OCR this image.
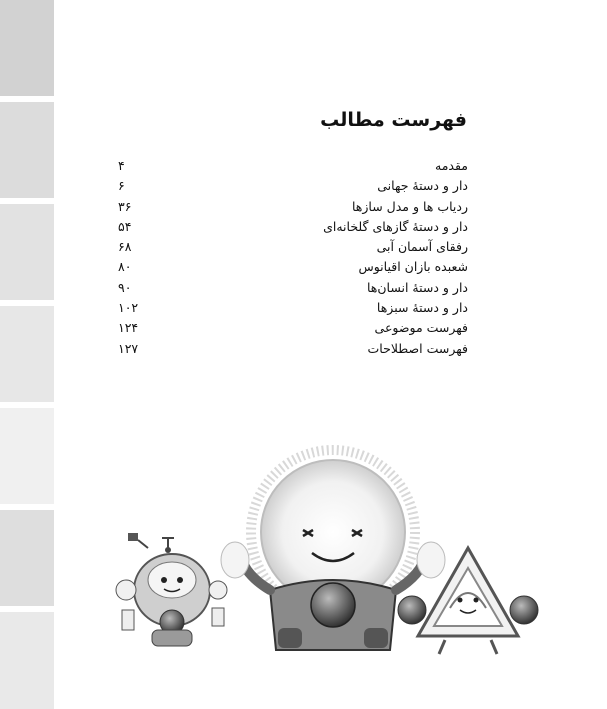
فهرست مطالب
مقدمه
۴
دار و دستهٔ جهانی
۶
ردیاب ها و مدل سازها
۳۶
دار و دستهٔ گازهای گلخانه‌ای
۵۴
رفقای آسمان آبی
۶۸
شعبده بازان اقیانوس
۸۰
دار و دستهٔ انسان‌ها
۹۰
دار و دستهٔ سبزها
۱۰۲
فهرست موضوعی
۱۲۴
فهرست اصطلاحات
۱۲۷
